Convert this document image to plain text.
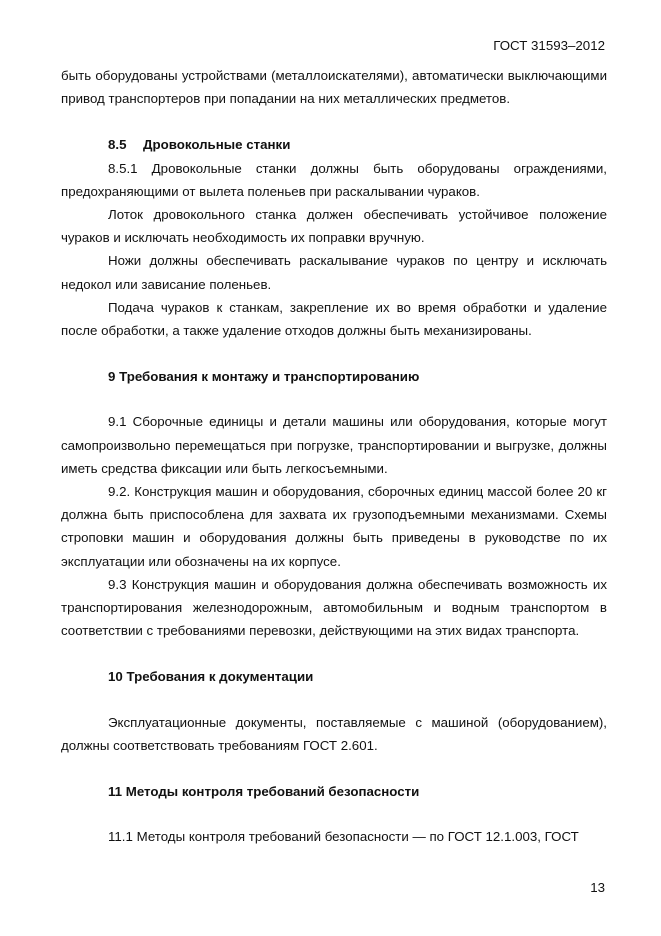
ГОСТ 31593–2012

быть оборудованы устройствами (металлоискателями), автоматически выключающими привод транспортеров при попадании на них металлических предметов.

8.5 Дровокольные станки

8.5.1 Дровокольные станки должны быть оборудованы ограждениями, предохраняющими от вылета поленьев при раскалывании чураков.

Лоток дровокольного станка должен обеспечивать устойчивое положение чураков и исключать необходимость их поправки вручную.

Ножи должны обеспечивать раскалывание чураков по центру и исключать недокол или зависание поленьев.

Подача чураков к станкам, закрепление их во время обработки и удаление после обработки, а также удаление отходов должны быть механизированы.

9 Требования к монтажу и транспортированию

9.1 Сборочные единицы и детали машины или оборудования, которые могут самопроизвольно перемещаться при погрузке, транспортировании и выгрузке, должны иметь средства фиксации или быть легкосъемными.

9.2. Конструкция машин и оборудования, сборочных единиц массой более 20 кг должна быть приспособлена для захвата их грузоподъемными механизмами. Схемы строповки машин и оборудования должны быть приведены в руководстве по их эксплуатации или обозначены на их корпусе.

9.3 Конструкция машин и оборудования должна обеспечивать возможность их транспортирования железнодорожным, автомобильным и водным транспортом в соответствии с требованиями перевозки, действующими на этих видах транспорта.

10 Требования к документации

Эксплуатационные документы, поставляемые с машиной (оборудованием), должны соответствовать требованиям ГОСТ 2.601.

11 Методы контроля требований безопасности

11.1 Методы контроля требований безопасности — по ГОСТ 12.1.003, ГОСТ

13
